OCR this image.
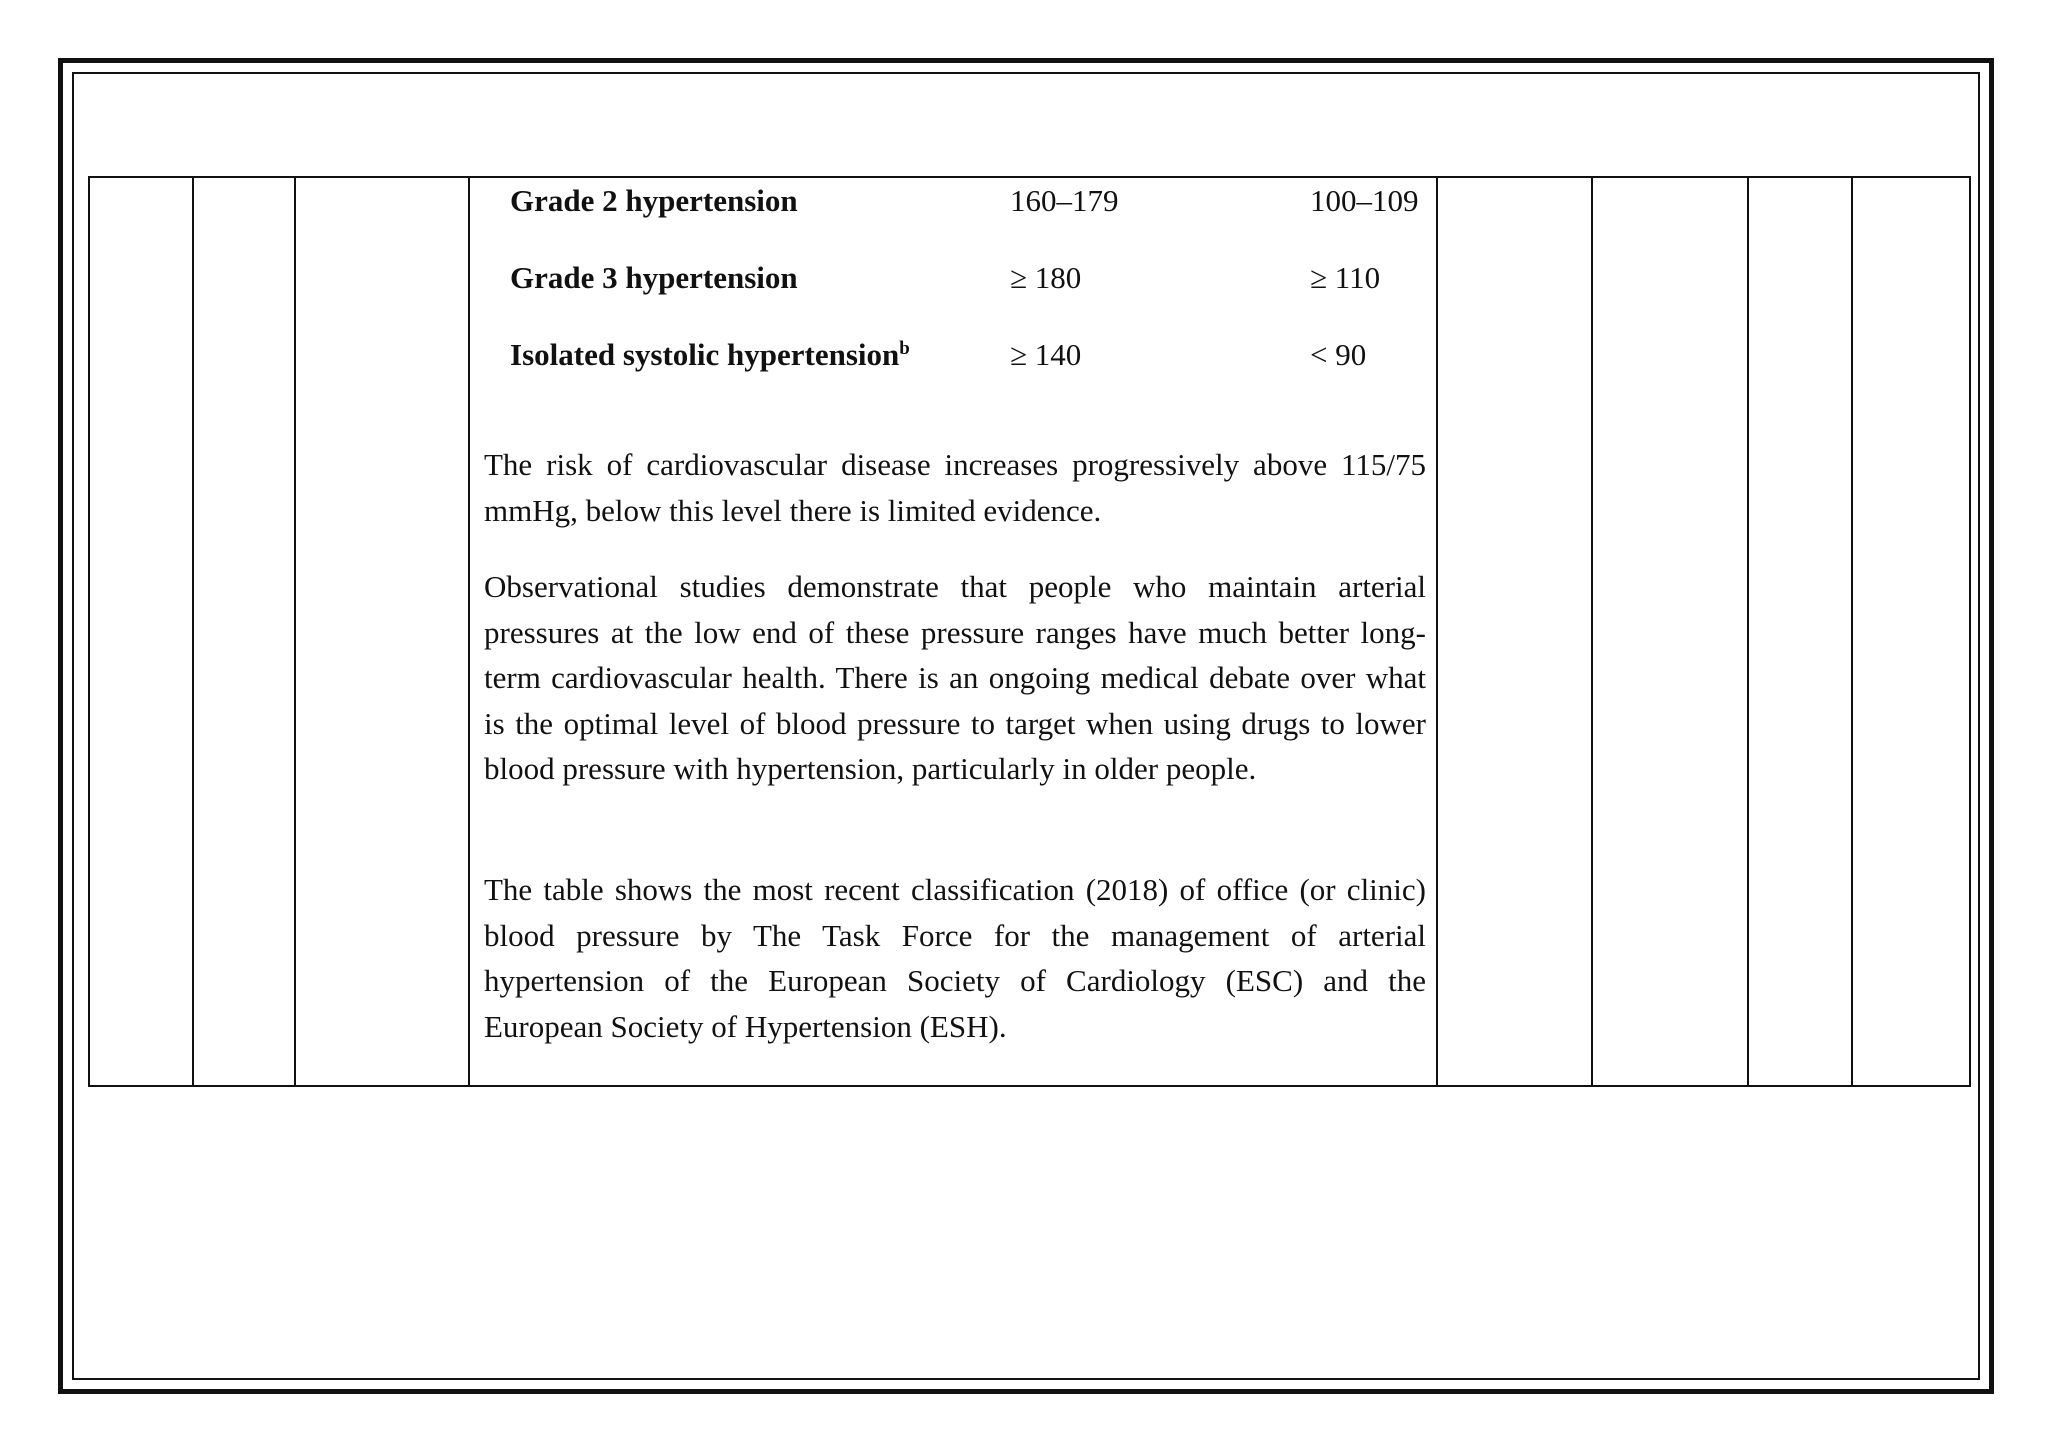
Grade 2 hypertension	160–179	100–109
Grade 3 hypertension	≥ 180	≥ 110
Isolated systolic hypertension$^b$	≥ 140	< 90

The risk of cardiovascular disease increases progressively above 115/75 mmHg, below this level there is limited evidence.

Observational studies demonstrate that people who maintain arterial pressures at the low end of these pressure ranges have much better long-term cardiovascular health. There is an ongoing medical debate over what is the optimal level of blood pressure to target when using drugs to lower blood pressure with hypertension, particularly in older people.

The table shows the most recent classification (2018) of office (or clinic) blood pressure by The Task Force for the management of arterial hypertension of the European Society of Cardiology (ESC) and the European Society of Hypertension (ESH).
